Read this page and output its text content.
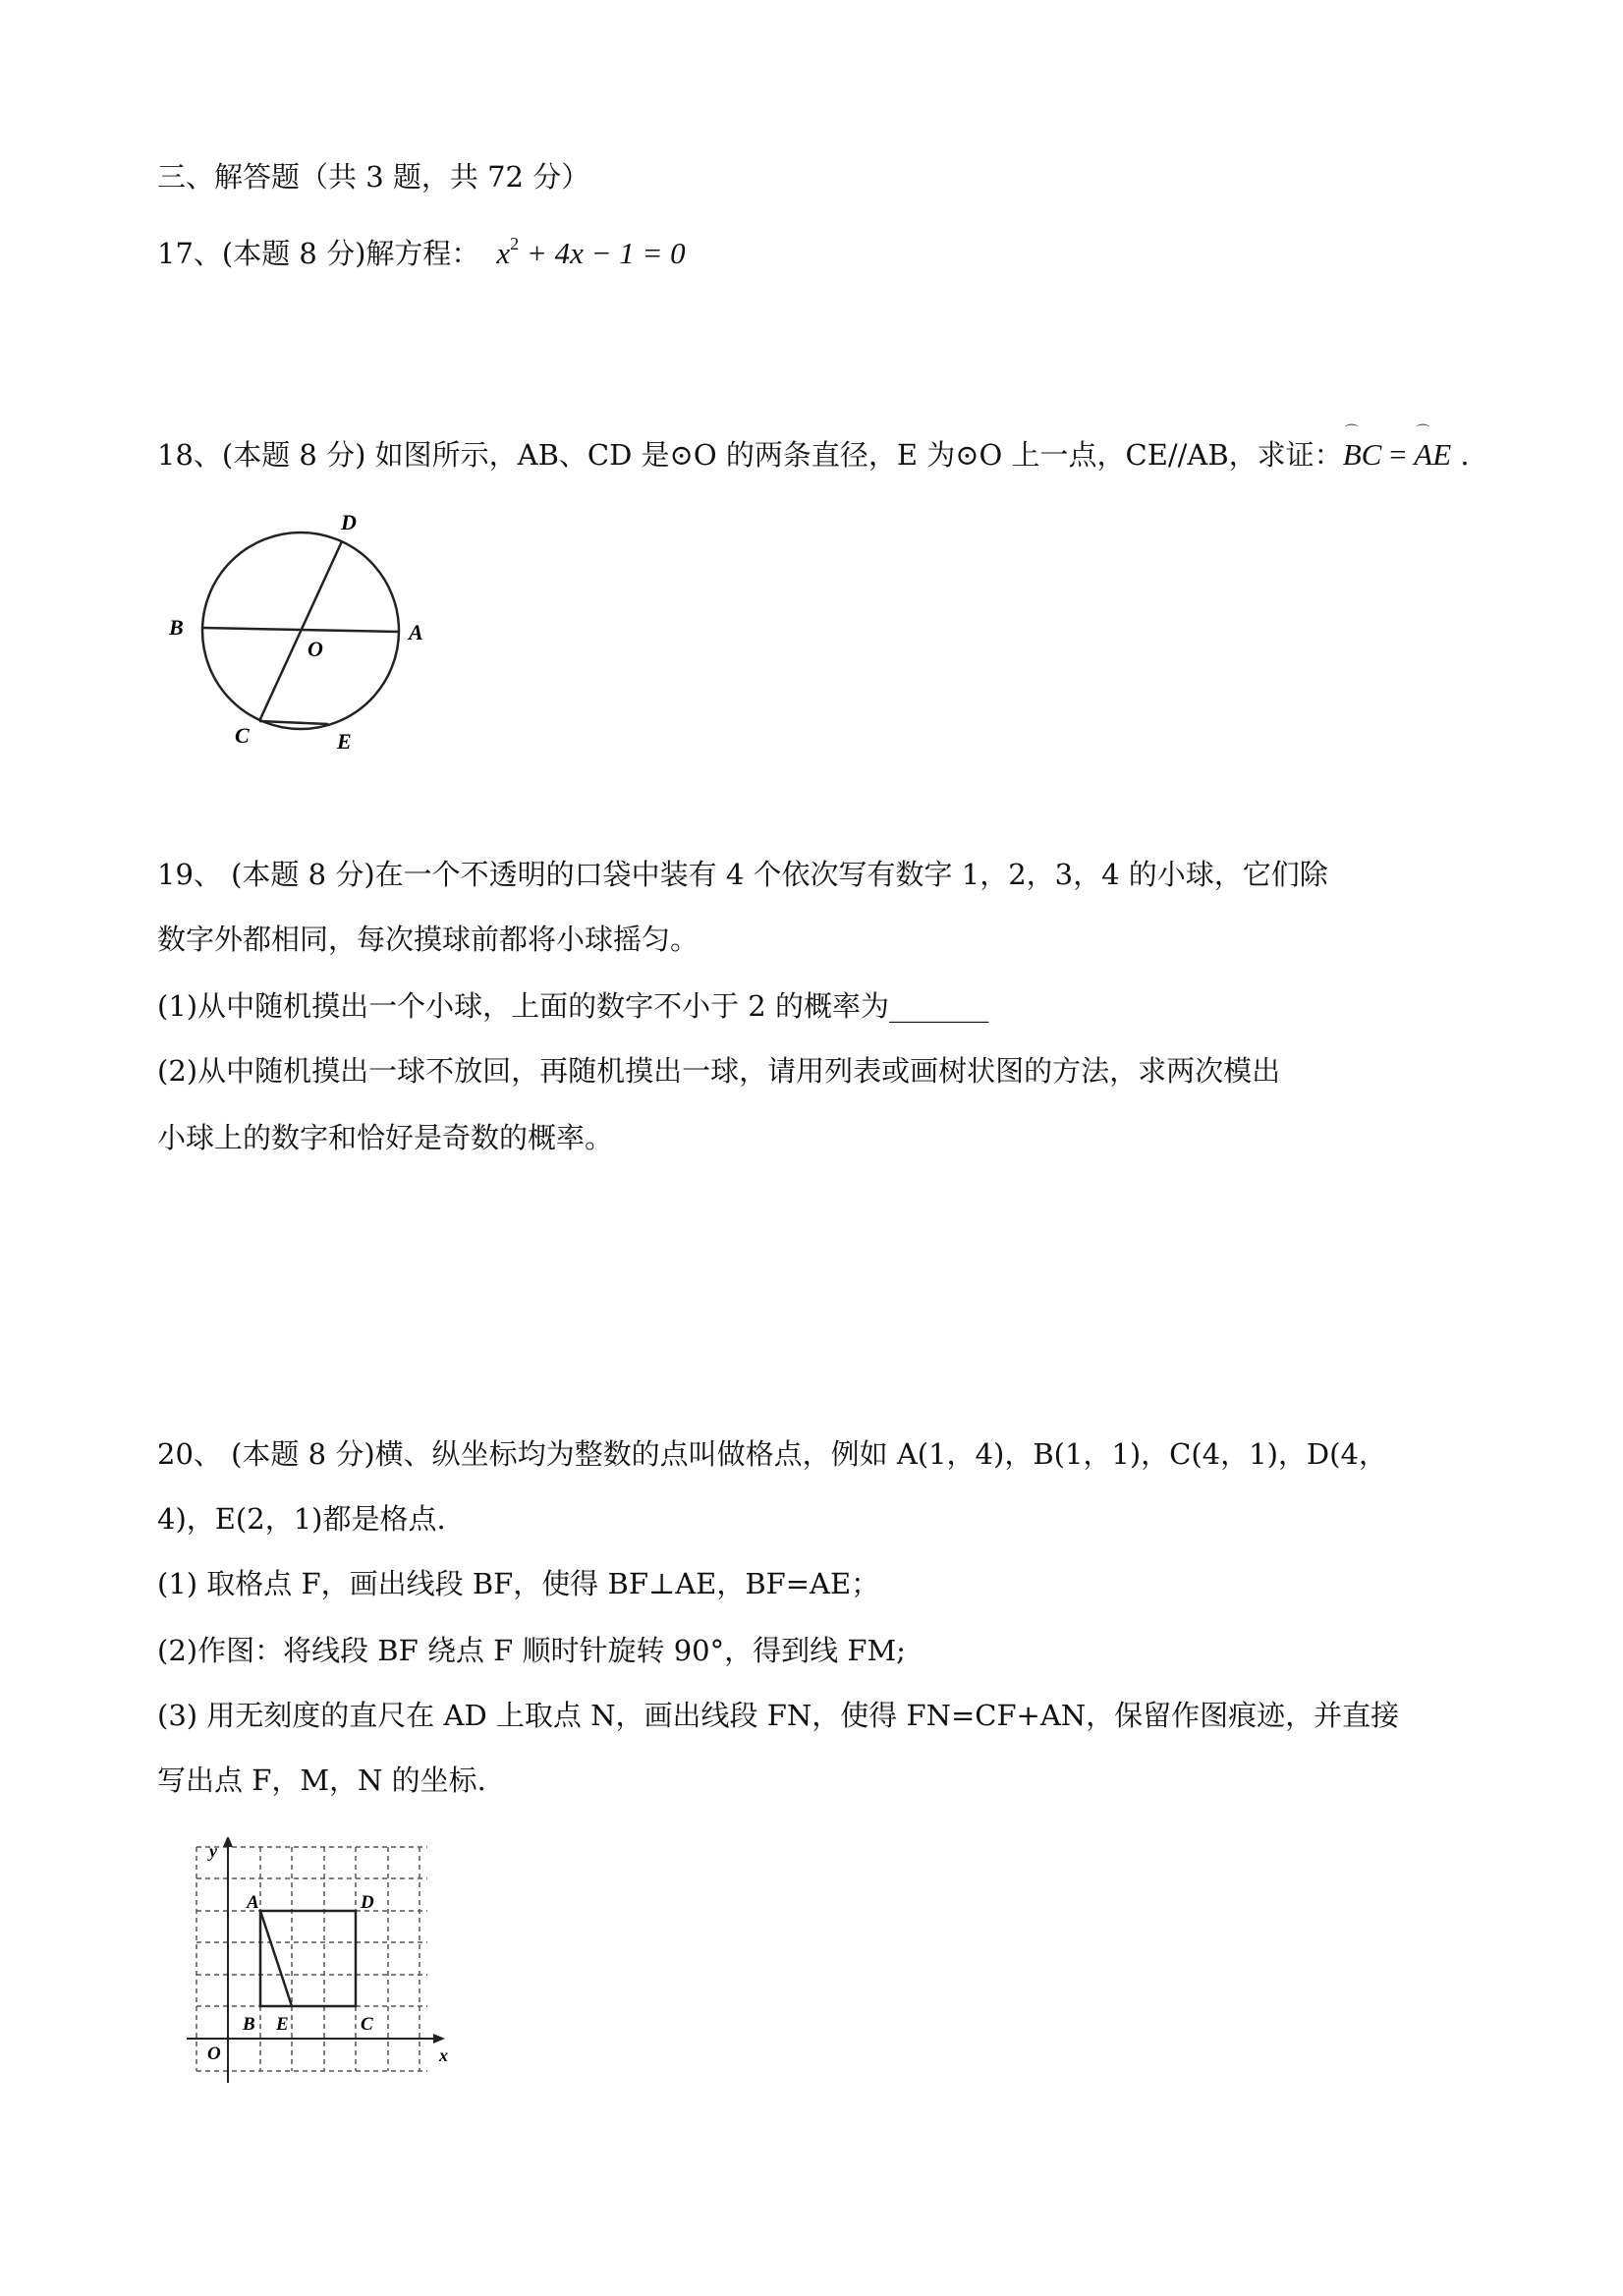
三、解答题（共 3 题，共 72 分）
17、(本题 8 分)解方程： $x^2 + 4x - 1 = 0$
18、(本题 8 分) 如图所示，AB、CD 是⊙O 的两条直径，E 为⊙O 上一点，CE//AB，求证：⌒ BC = ⌒ AE .
D
B
O
A
C	E
19、 (本题 8 分)在一个不透明的口袋中装有 4 个依次写有数字 1，2，3，4 的小球，它们除
数字外都相同，每次摸球前都将小球摇匀。
(1)从中随机摸出一个小球，上面的数字不小于 2 的概率为_______
(2)从中随机摸出一球不放回，再随机摸出一球，请用列表或画树状图的方法，求两次模出
小球上的数字和恰好是奇数的概率。
20、 (本题 8 分)横、纵坐标均为整数的点叫做格点，例如 A(1，4)，B(1，1)，C(4，1)，D(4，
4)，E(2，1)都是格点.
(1) 取格点 F，画出线段 BF，使得 BF⊥AE，BF=AE；
(2)作图：将线段 BF 绕点 F 顺时针旋转 90°，得到线 FM;
(3) 用无刻度的直尺在 AD 上取点 N，画出线段 FN，使得 FN=CF+AN，保留作图痕迹，并直接
写出点 F，M，N 的坐标.
y
A	D
B E	C
O	x
